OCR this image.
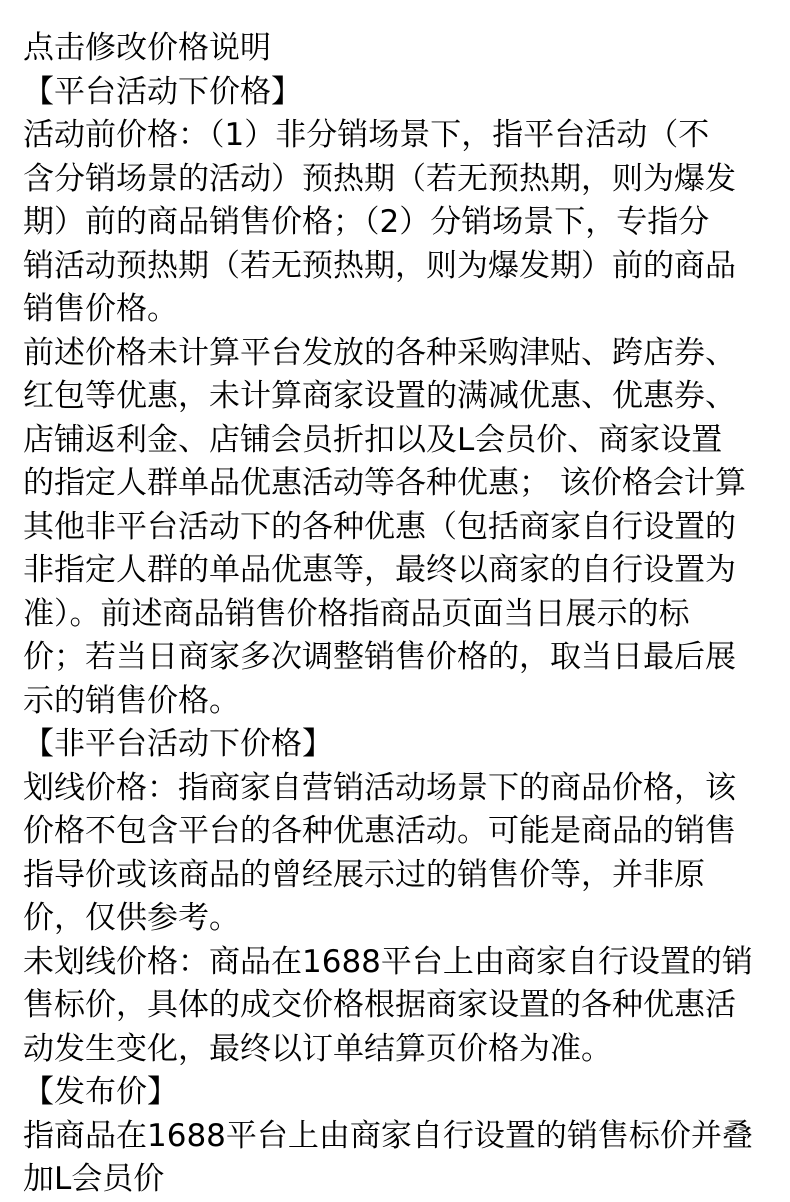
点击修改价格说明
【平台活动下价格】
活动前价格：（1）非分销场景下，指平台活动（不
含分销场景的活动）预热期（若无预热期，则为爆发
期）前的商品销售价格；（2）分销场景下，专指分
销活动预热期（若无预热期，则为爆发期）前的商品
销售价格。
前述价格未计算平台发放的各种采购津贴、跨店券、
红包等优惠，未计算商家设置的满减优惠、优惠券、
店铺返利金、店铺会员折扣以及L会员价、商家设置
的指定人群单品优惠活动等各种优惠； 该价格会计算
其他非平台活动下的各种优惠（包括商家自行设置的
非指定人群的单品优惠等，最终以商家的自行设置为
准）。前述商品销售价格指商品页面当日展示的标
价；若当日商家多次调整销售价格的，取当日最后展
示的销售价格。
【非平台活动下价格】
划线价格：指商家自营销活动场景下的商品价格，该
价格不包含平台的各种优惠活动。可能是商品的销售
指导价或该商品的曾经展示过的销售价等，并非原
价，仅供参考。
未划线价格：商品在1688平台上由商家自行设置的销
售标价，具体的成交价格根据商家设置的各种优惠活
动发生变化，最终以订单结算页价格为准。
【发布价】
指商品在1688平台上由商家自行设置的销售标价并叠
加L会员价
